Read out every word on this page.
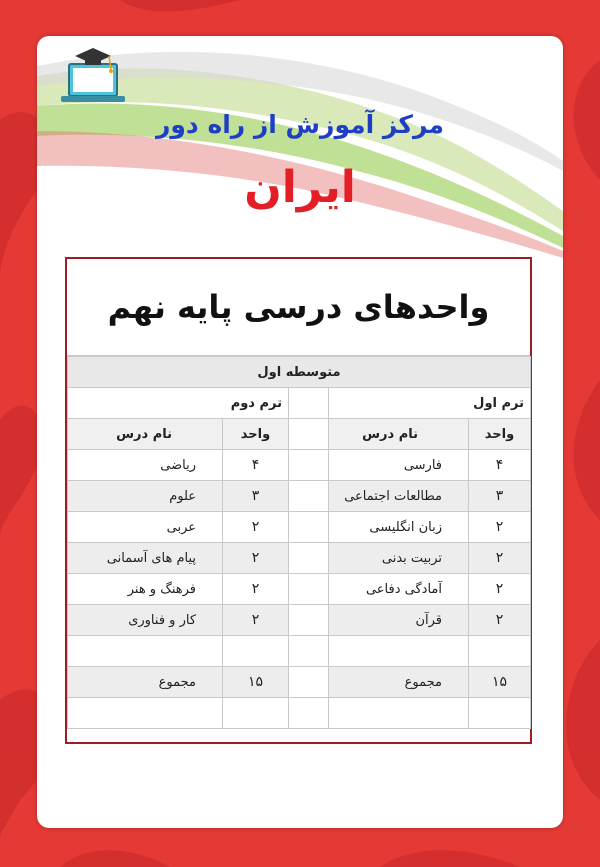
مرکز آموزش از راه دور
ایران
واحدهای درسی پایه نهم
متوسطه اول				
ترم اول			ترم دوم	
واحد	نام درس		واحد	نام درس
۴	فارسی		۴	ریاضی
۳	مطالعات اجتماعی		۳	علوم
۲	زبان انگلیسی		۲	عربی
۲	تربیت بدنی		۲	پیام های آسمانی
۲	آمادگی دفاعی		۲	فرهنگ و هنر
۲	قرآن		۲	کار و فناوری

۱۵	مجموع		۱۵	مجموع
